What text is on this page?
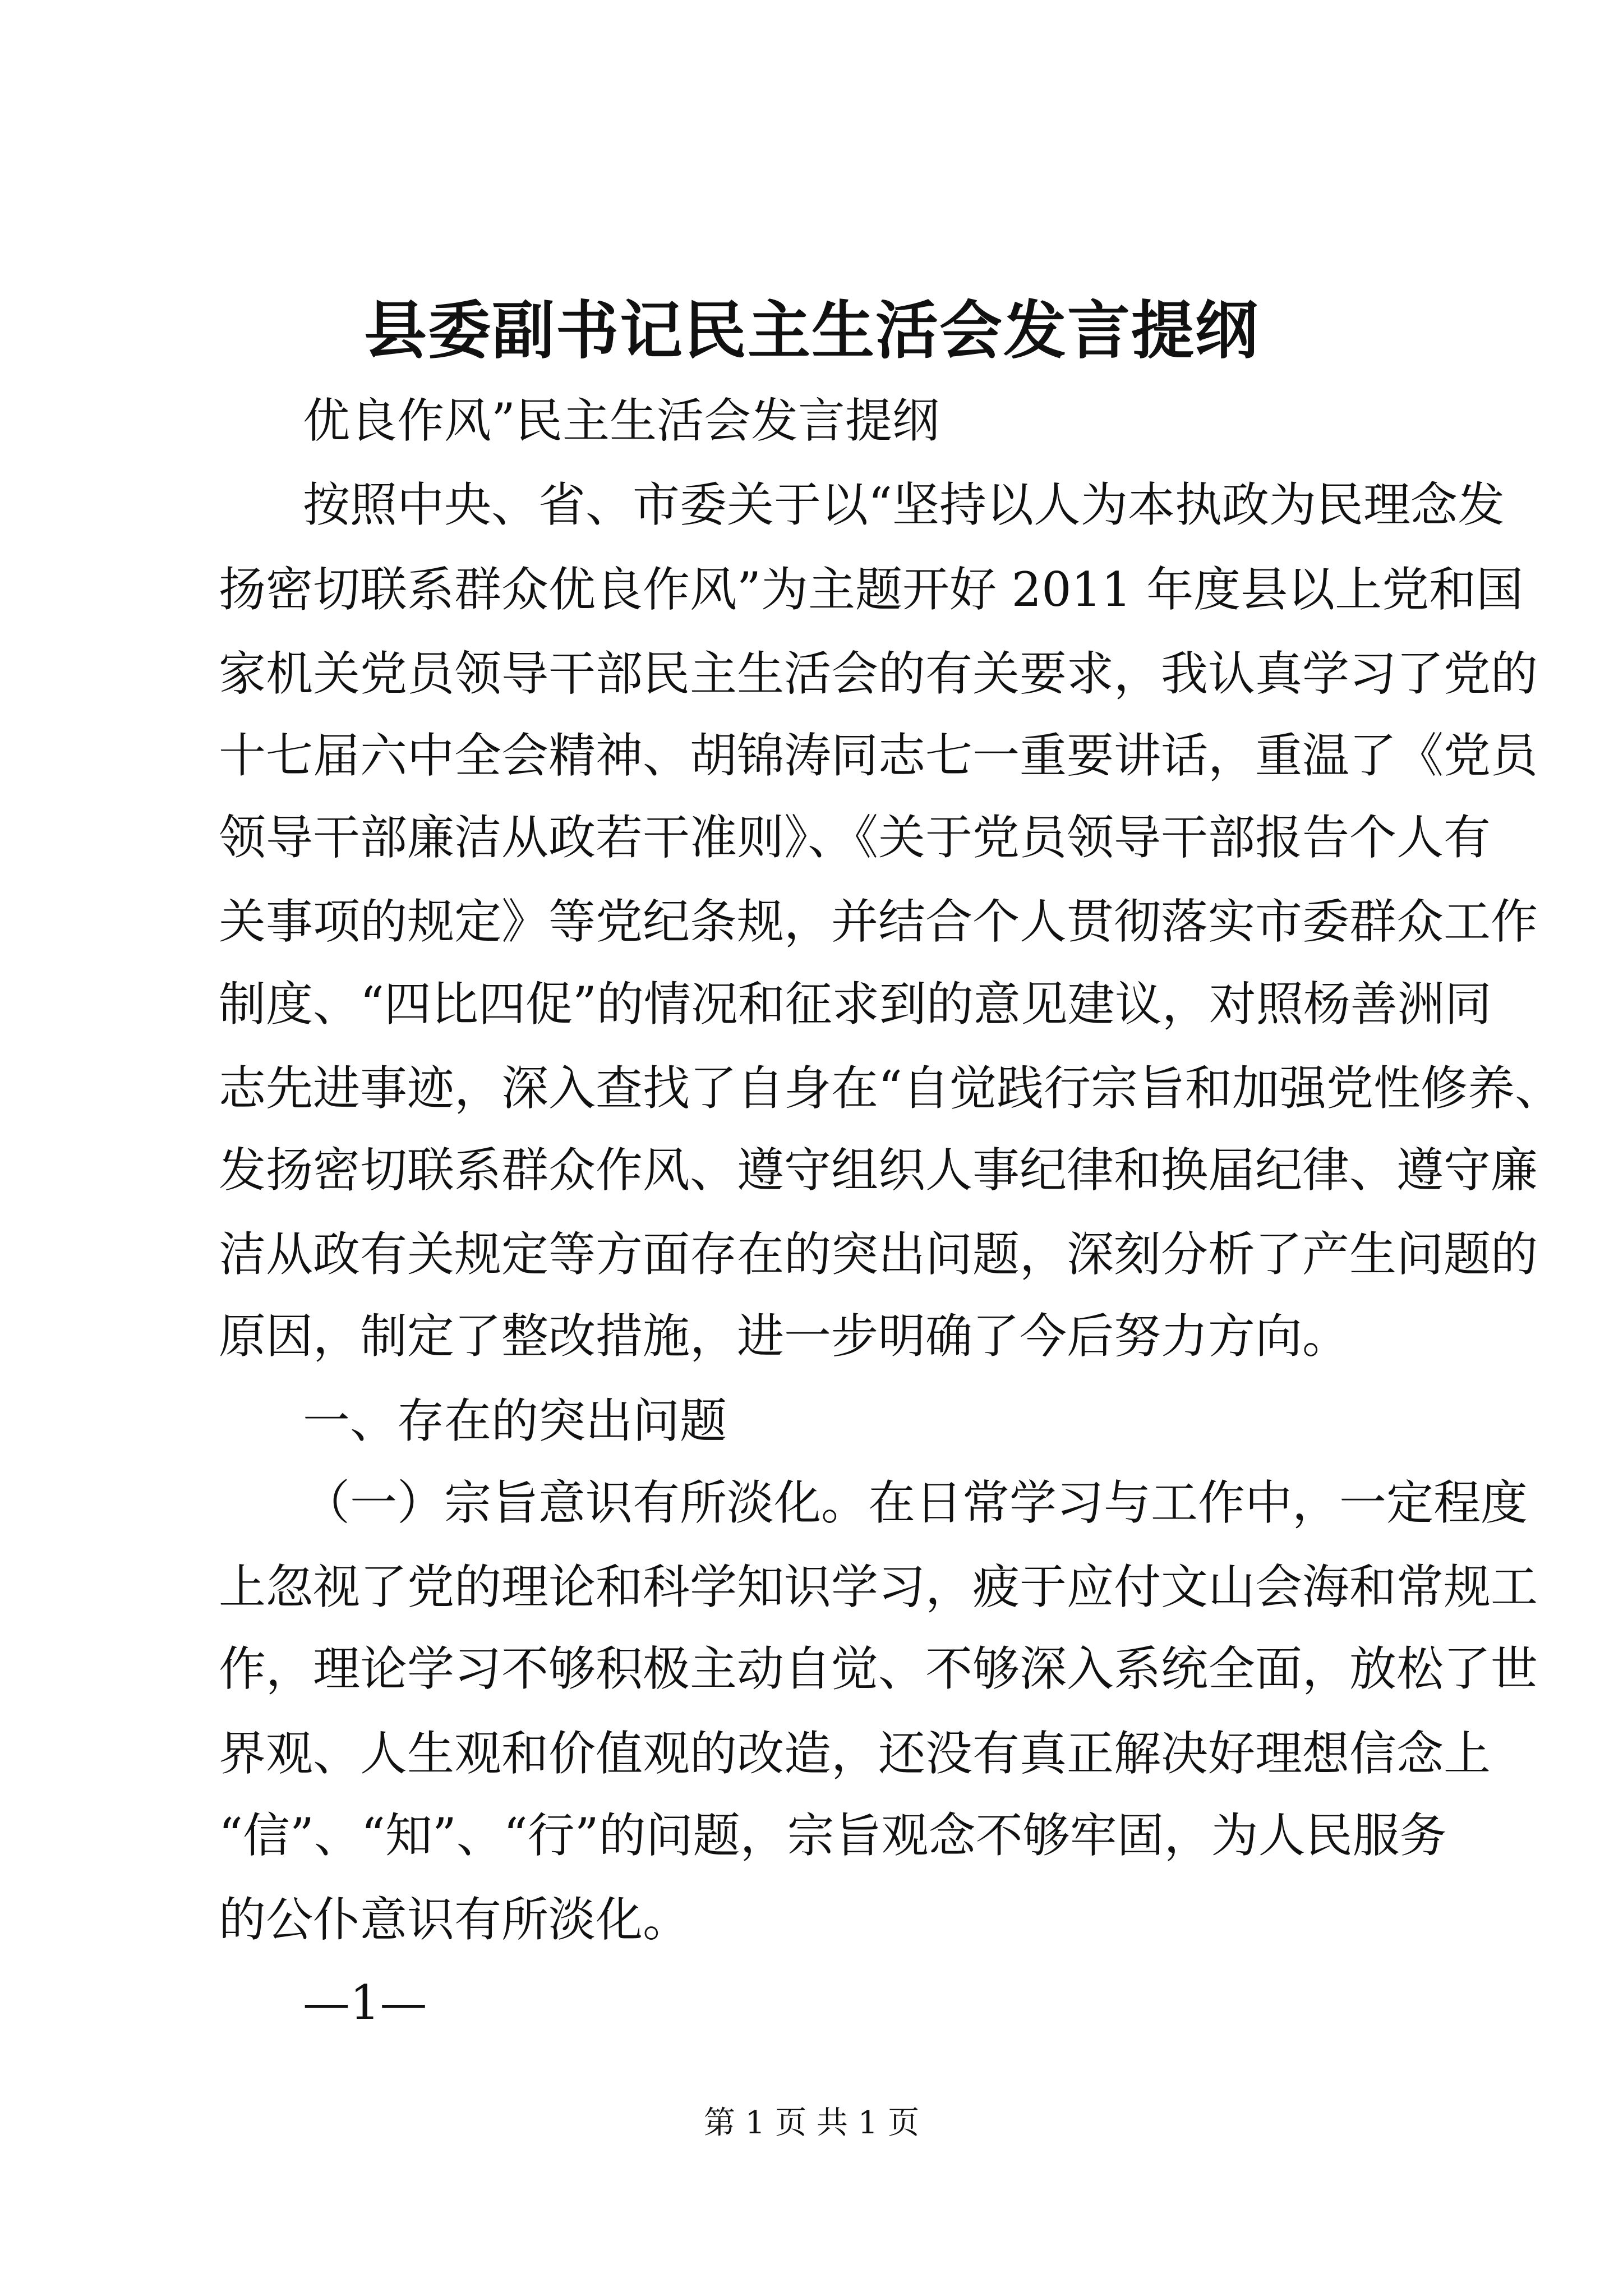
县委副书记民主生活会发言提纲
优良作风”民主生活会发言提纲
按照中央、省、市委关于以“坚持以人为本执政为民理念发
扬密切联系群众优良作风”为主题开好 2011 年度县以上党和国
家机关党员领导干部民主生活会的有关要求，我认真学习了党的
十七届六中全会精神、胡锦涛同志七一重要讲话，重温了《党员
领导干部廉洁从政若干准则》、《关于党员领导干部报告个人有
关事项的规定》等党纪条规，并结合个人贯彻落实市委群众工作
制度、“四比四促”的情况和征求到的意见建议，对照杨善洲同
志先进事迹，深入查找了自身在“自觉践行宗旨和加强党性修养、
发扬密切联系群众作风、遵守组织人事纪律和换届纪律、遵守廉
洁从政有关规定等方面存在的突出问题，深刻分析了产生问题的
原因，制定了整改措施，进一步明确了今后努力方向。
一、存在的突出问题
（一）宗旨意识有所淡化。在日常学习与工作中，一定程度
上忽视了党的理论和科学知识学习，疲于应付文山会海和常规工
作，理论学习不够积极主动自觉、不够深入系统全面，放松了世
界观、人生观和价值观的改造，还没有真正解决好理想信念上
“信”、“知”、“行”的问题，宗旨观念不够牢固，为人民服务
的公仆意识有所淡化。
—1—
第 1 页 共 1 页
